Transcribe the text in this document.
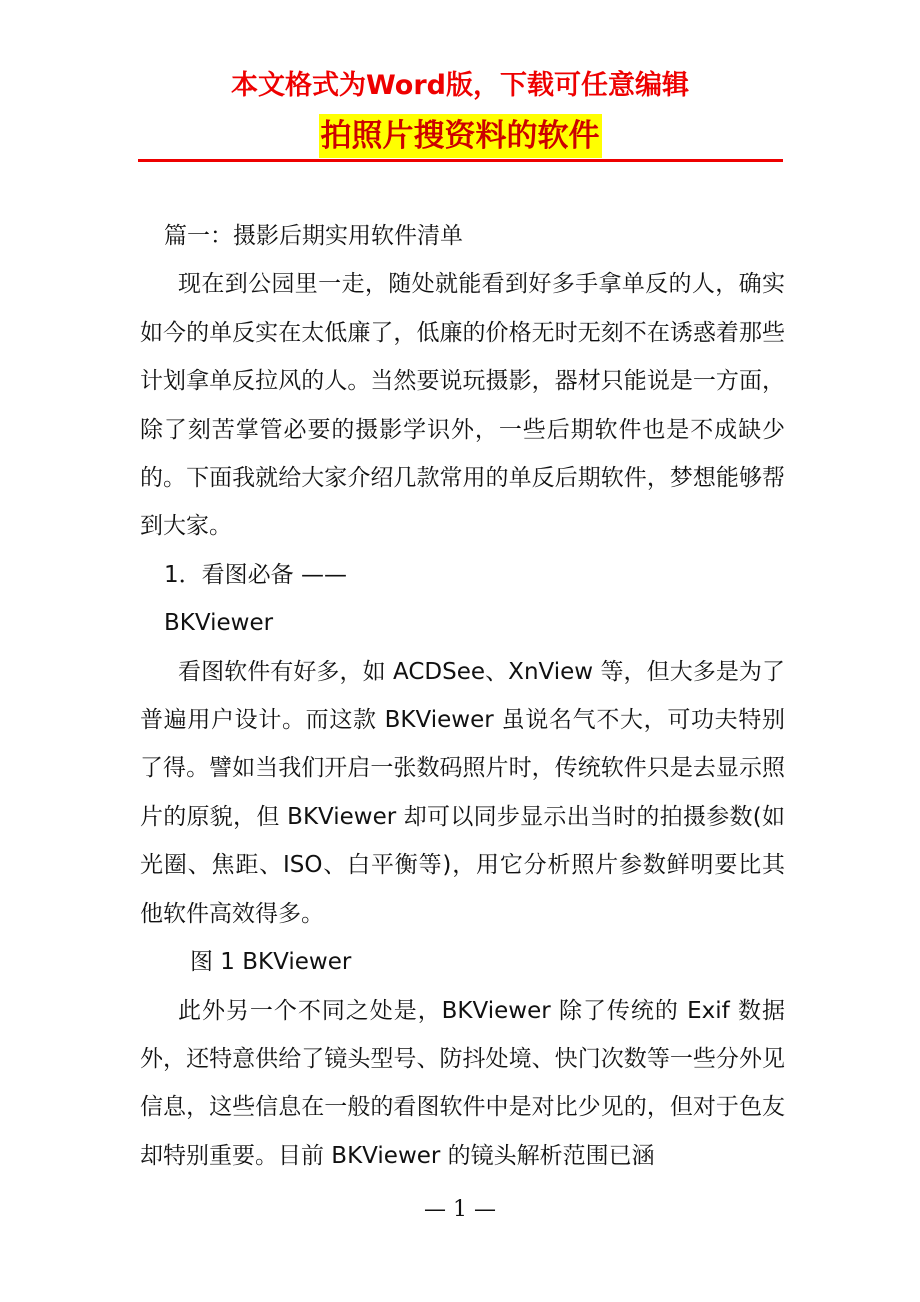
本文格式为Word版，下载可任意编辑
拍照片搜资料的软件

篇一：摄影后期实用软件清单

现在到公园里一走，随处就能看到好多手拿单反的人，确实如今的单反实在太低廉了，低廉的价格无时无刻不在诱惑着那些计划拿单反拉风的人。当然要说玩摄影，器材只能说是一方面，除了刻苦掌管必要的摄影学识外，一些后期软件也是不成缺少的。下面我就给大家介绍几款常用的单反后期软件，梦想能够帮到大家。

1．看图必备 ——

BKViewer

看图软件有好多，如 ACDSee、XnView 等，但大多是为了普遍用户设计。而这款 BKViewer 虽说名气不大，可功夫特别了得。譬如当我们开启一张数码照片时，传统软件只是去显示照片的原貌，但 BKViewer 却可以同步显示出当时的拍摄参数(如光圈、焦距、ISO、白平衡等)，用它分析照片参数鲜明要比其他软件高效得多。

图 1 BKViewer

此外另一个不同之处是，BKViewer 除了传统的 Exif 数据外，还特意供给了镜头型号、防抖处境、快门次数等一些分外见信息，这些信息在一般的看图软件中是对比少见的，但对于色友却特别重要。目前 BKViewer 的镜头解析范围已涵

— 1 —
